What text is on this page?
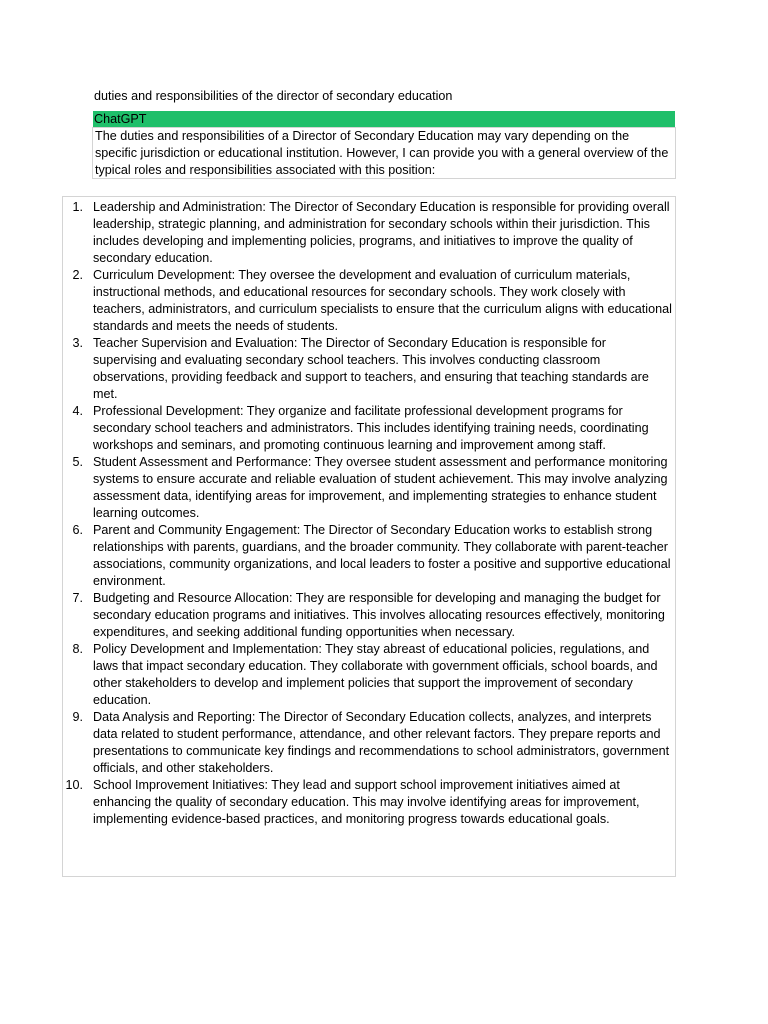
duties and responsibilities of the director of secondary education
ChatGPT
The duties and responsibilities of a Director of Secondary Education may vary depending on the specific jurisdiction or educational institution. However, I can provide you with a general overview of the typical roles and responsibilities associated with this position:
1. Leadership and Administration: The Director of Secondary Education is responsible for providing overall leadership, strategic planning, and administration for secondary schools within their jurisdiction. This includes developing and implementing policies, programs, and initiatives to improve the quality of secondary education.
2. Curriculum Development: They oversee the development and evaluation of curriculum materials, instructional methods, and educational resources for secondary schools. They work closely with teachers, administrators, and curriculum specialists to ensure that the curriculum aligns with educational standards and meets the needs of students.
3. Teacher Supervision and Evaluation: The Director of Secondary Education is responsible for supervising and evaluating secondary school teachers. This involves conducting classroom observations, providing feedback and support to teachers, and ensuring that teaching standards are met.
4. Professional Development: They organize and facilitate professional development programs for secondary school teachers and administrators. This includes identifying training needs, coordinating workshops and seminars, and promoting continuous learning and improvement among staff.
5. Student Assessment and Performance: They oversee student assessment and performance monitoring systems to ensure accurate and reliable evaluation of student achievement. This may involve analyzing assessment data, identifying areas for improvement, and implementing strategies to enhance student learning outcomes.
6. Parent and Community Engagement: The Director of Secondary Education works to establish strong relationships with parents, guardians, and the broader community. They collaborate with parent-teacher associations, community organizations, and local leaders to foster a positive and supportive educational environment.
7. Budgeting and Resource Allocation: They are responsible for developing and managing the budget for secondary education programs and initiatives. This involves allocating resources effectively, monitoring expenditures, and seeking additional funding opportunities when necessary.
8. Policy Development and Implementation: They stay abreast of educational policies, regulations, and laws that impact secondary education. They collaborate with government officials, school boards, and other stakeholders to develop and implement policies that support the improvement of secondary education.
9. Data Analysis and Reporting: The Director of Secondary Education collects, analyzes, and interprets data related to student performance, attendance, and other relevant factors. They prepare reports and presentations to communicate key findings and recommendations to school administrators, government officials, and other stakeholders.
10. School Improvement Initiatives: They lead and support school improvement initiatives aimed at enhancing the quality of secondary education. This may involve identifying areas for improvement, implementing evidence-based practices, and monitoring progress towards educational goals.
